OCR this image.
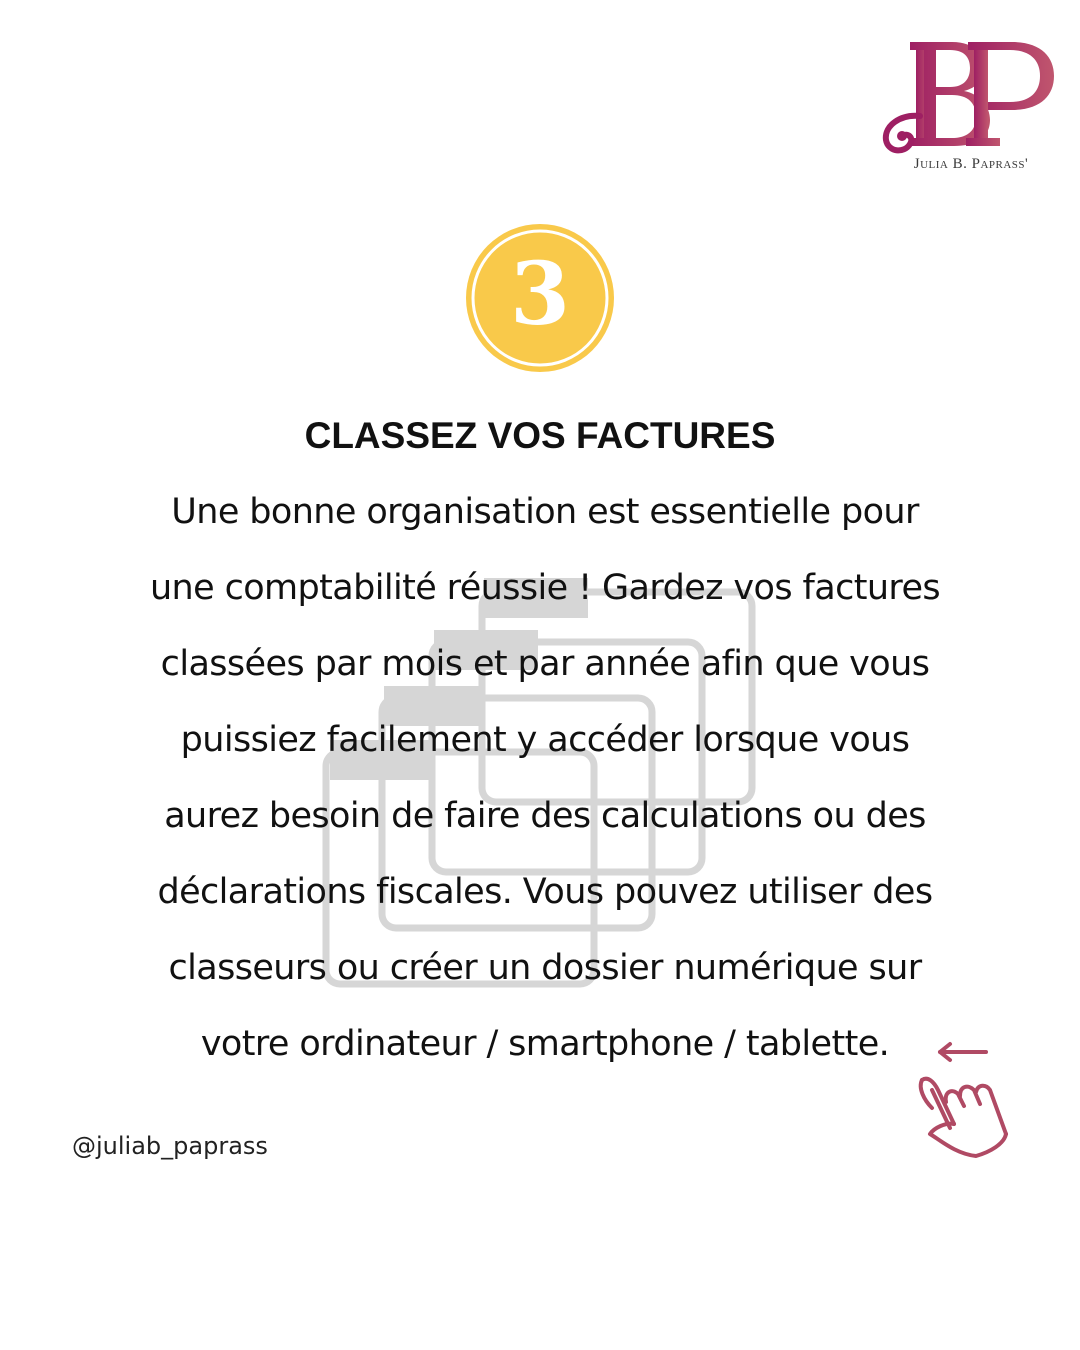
Julia B. Paprass'
3
CLASSEZ VOS FACTURES

Une bonne organisation est essentielle pour
une comptabilité réussie ! Gardez vos factures
classées par mois et par année afin que vous
puissiez facilement y accéder lorsque vous
aurez besoin de faire des calculations ou des
déclarations fiscales. Vous pouvez utiliser des
classeurs ou créer un dossier numérique sur
votre ordinateur / smartphone / tablette.

@juliab_paprass
